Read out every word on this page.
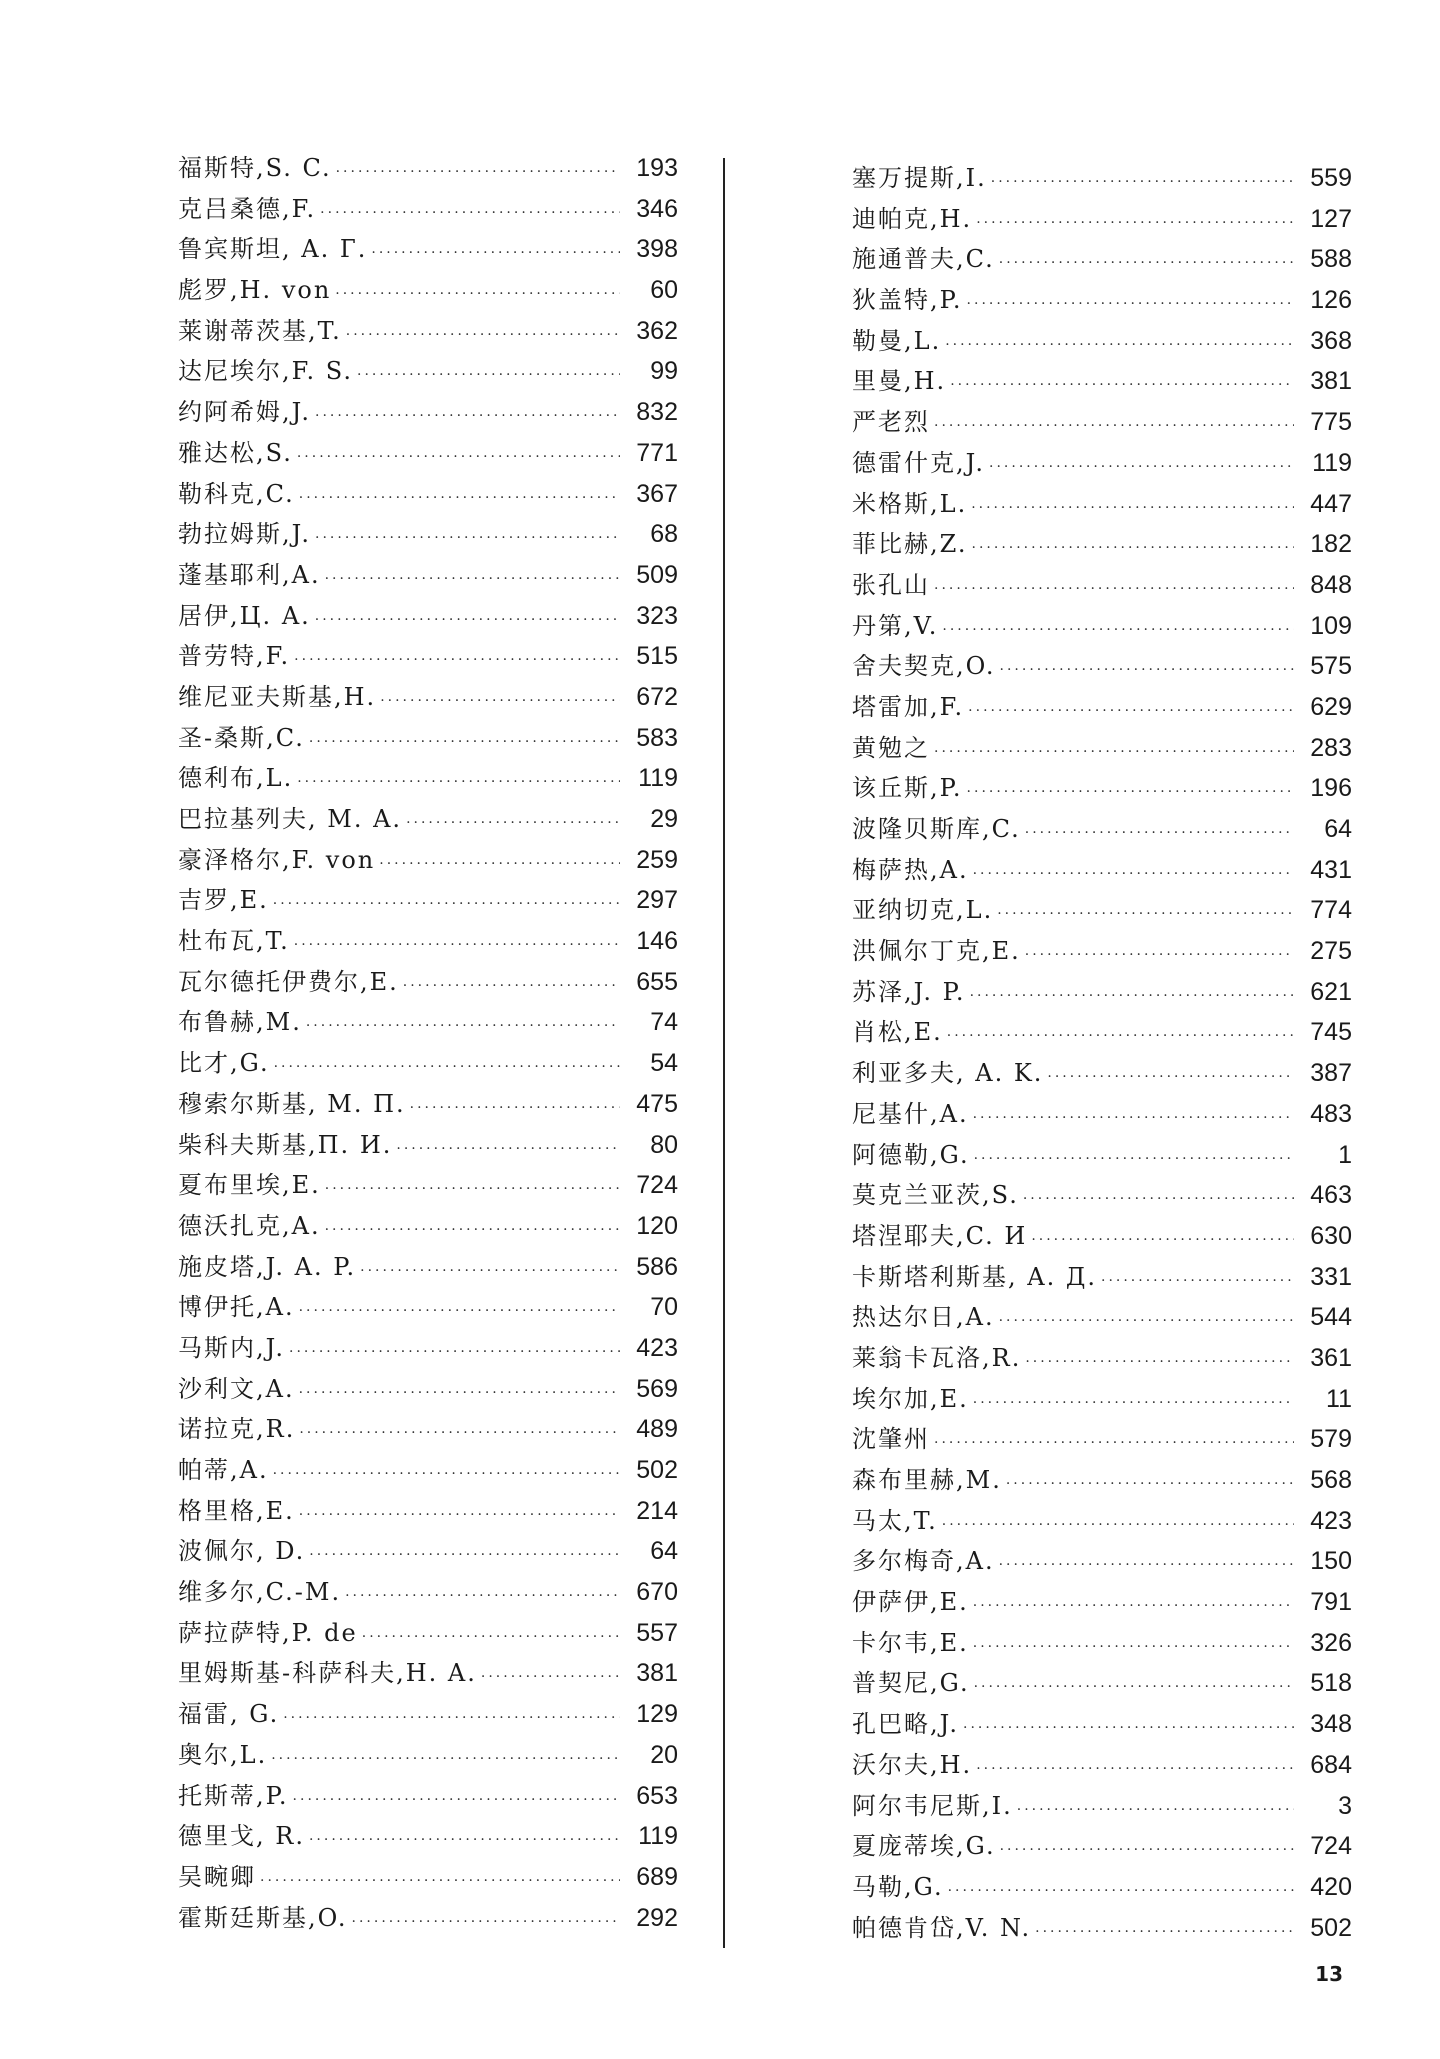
福斯特,S. C. ·····	193
克吕桑德,F. ·····	346
鲁宾斯坦, A. Г. ·····	398
彪罗,H. von ·····	60
莱谢蒂茨基,T. ·····	362
达尼埃尔,F. S. ·····	99
约阿希姆,J. ·····	832
雅达松,S. ·····	771
勒科克,C. ·····	367
勃拉姆斯,J. ·····	68
蓬基耶利,A. ·····	509
居伊,Ц. A. ·····	323
普劳特,F. ·····	515
维尼亚夫斯基,H. ·····	672
圣-桑斯,C. ·····	583
德利布,L. ·····	119
巴拉基列夫, M. A. ·····	29
豪泽格尔,F. von ·····	259
吉罗,E. ·····	297
杜布瓦,T. ·····	146
瓦尔德托伊费尔,E. ·····	655
布鲁赫,M. ·····	74
比才,G. ·····	54
穆索尔斯基, M. П. ·····	475
柴科夫斯基,П. И. ·····	80
夏布里埃,E. ·····	724
德沃扎克,A. ·····	120
施皮塔,J. A. P. ·····	586
博伊托,A. ·····	70
马斯内,J. ·····	423
沙利文,A. ·····	569
诺拉克,R. ·····	489
帕蒂,A. ·····	502
格里格,E. ·····	214
波佩尔, D. ·····	64
维多尔,C.-M. ·····	670
萨拉萨特,P. de ·····	557
里姆斯基-科萨科夫,H. A. ·····	381
福雷, G. ·····	129
奥尔,L. ·····	20
托斯蒂,P. ·····	653
德里戈, R. ·····	119
吴畹卿 ·····	689
霍斯廷斯基,O. ·····	292
塞万提斯,I. ·····	559
迪帕克,H. ·····	127
施通普夫,C. ·····	588
狄盖特,P. ·····	126
勒曼,L. ·····	368
里曼,H. ·····	381
严老烈 ·····	775
德雷什克,J. ·····	119
米格斯,L. ·····	447
菲比赫,Z. ·····	182
张孔山 ·····	848
丹第,V. ·····	109
舍夫契克,O. ·····	575
塔雷加,F. ·····	629
黄勉之 ·····	283
该丘斯,P. ·····	196
波隆贝斯库,C. ·····	64
梅萨热,A. ·····	431
亚纳切克,L. ·····	774
洪佩尔丁克,E. ·····	275
苏泽,J. P. ·····	621
肖松,E. ·····	745
利亚多夫, A. K. ·····	387
尼基什,A. ·····	483
阿德勒,G. ·····	1
莫克兰亚茨,S. ·····	463
塔涅耶夫,C. И ·····	630
卡斯塔利斯基, A. Д. ·····	331
热达尔日,A. ·····	544
莱翁卡瓦洛,R. ·····	361
埃尔加,E. ·····	11
沈肇州 ·····	579
森布里赫,M. ·····	568
马太,T. ·····	423
多尔梅奇,A. ·····	150
伊萨伊,E. ·····	791
卡尔韦,E. ·····	326
普契尼,G. ·····	518
孔巴略,J. ·····	348
沃尔夫,H. ·····	684
阿尔韦尼斯,I. ·····	3
夏庞蒂埃,G. ·····	724
马勒,G. ·····	420
帕德肯岱,V. N. ·····	502
13
